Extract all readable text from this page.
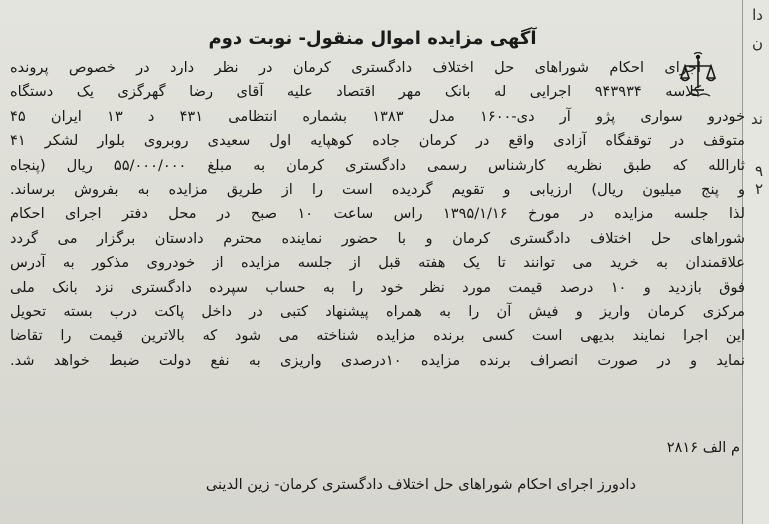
دا
ن
ند
۹
۲
آگهی مزایده اموال منقول- نوبت دوم
اجرای احکام شوراهای حل اختلاف دادگستری کرمان در نظر دارد در خصوص پرونده
کلاسه ۹۴۳۹۳۴ اجرایی له بانک مهر اقتصاد علیه آقای رضا گهرگزی یک دستگاه
خودرو سواری پژو آر دی-۱۶۰۰ مدل ۱۳۸۳ بشماره انتظامی ۴۳۱ د ۱۳ ایران ۴۵
متوقف در توقفگاه آزادی واقع در کرمان جاده کوهپایه اول سعیدی روبروی بلوار لشکر ۴۱
ثارالله که طبق نظریه کارشناس رسمی دادگستری کرمان به مبلغ ۵۵/۰۰۰/۰۰۰ ریال (پنجاه
و پنج میلیون ریال) ارزیابی و تقویم گردیده است را از طریق مزایده به بفروش برساند.
لذا جلسه مزایده در مورخ ۱۳۹۵/۱/۱۶ راس ساعت ۱۰ صبح در محل دفتر اجرای احکام
شوراهای حل اختلاف دادگستری کرمان و با حضور نماینده محترم دادستان برگزار می گردد
علاقمندان به خرید می توانند تا یک هفته قبل از جلسه مزایده از خودروی مذکور به آدرس
فوق بازدید و ۱۰ درصد قیمت مورد نظر خود را به حساب سپرده دادگستری نزد بانک ملی
مرکزی کرمان واریز و فیش آن را به همراه پیشنهاد کتبی در داخل پاکت درب بسته تحویل
این اجرا نمایند بدیهی است کسی برنده مزایده شناخته می شود که بالاترین قیمت را تقاضا
نماید و در صورت انصراف برنده مزایده ۱۰درصدی واریزی به نفع دولت ضبط خواهد شد.
م الف ۲۸۱۶
دادورز اجرای احکام شوراهای حل اختلاف دادگستری کرمان- زین الدینی
